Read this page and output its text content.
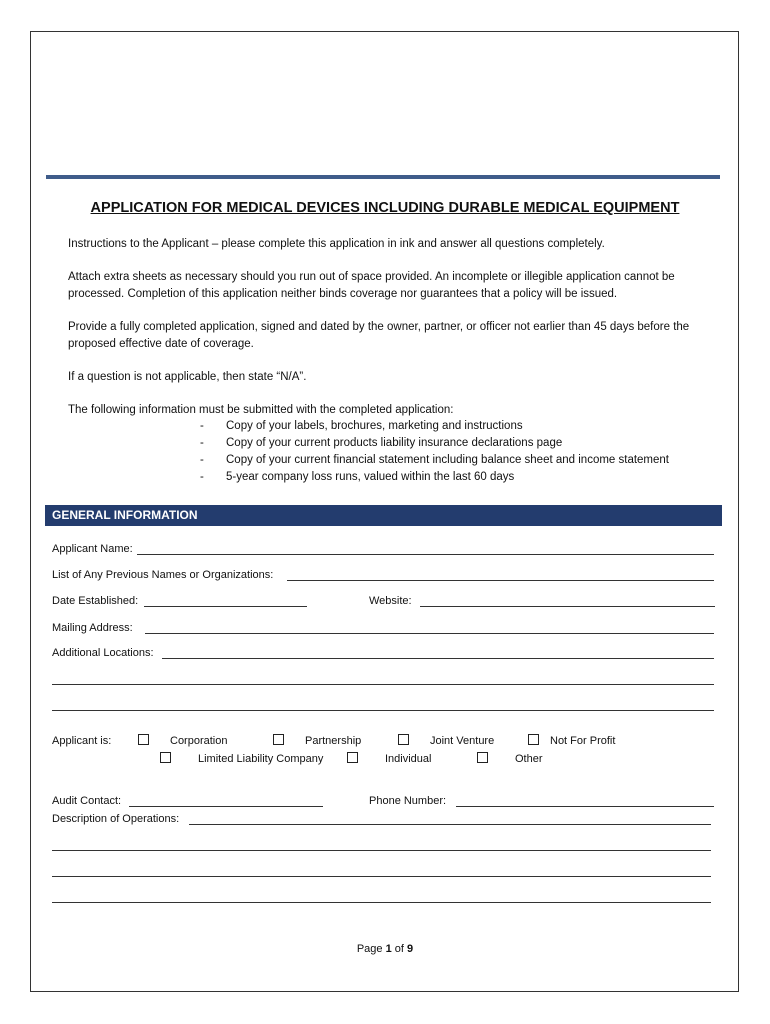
APPLICATION FOR MEDICAL DEVICES INCLUDING DURABLE MEDICAL EQUIPMENT
Instructions to the Applicant – please complete this application in ink and answer all questions completely.
Attach extra sheets as necessary should you run out of space provided. An incomplete or illegible application cannot be processed. Completion of this application neither binds coverage nor guarantees that a policy will be issued.
Provide a fully completed application, signed and dated by the owner, partner, or officer not earlier than 45 days before the proposed effective date of coverage.
If a question is not applicable, then state “N/A”.
The following information must be submitted with the completed application:
-	Copy of your labels, brochures, marketing and instructions
-	Copy of your current products liability insurance declarations page
-	Copy of your current financial statement including balance sheet and income statement
-	5-year company loss runs, valued within the last 60 days
GENERAL INFORMATION
Applicant Name:
List of Any Previous Names or Organizations:
Date Established:	Website:
Mailing Address:
Additional Locations:
Applicant is:	Corporation	Partnership	Joint Venture	Not For Profit
Limited Liability Company	Individual	Other
Audit Contact:	Phone Number:
Description of Operations:
Page 1 of 9
